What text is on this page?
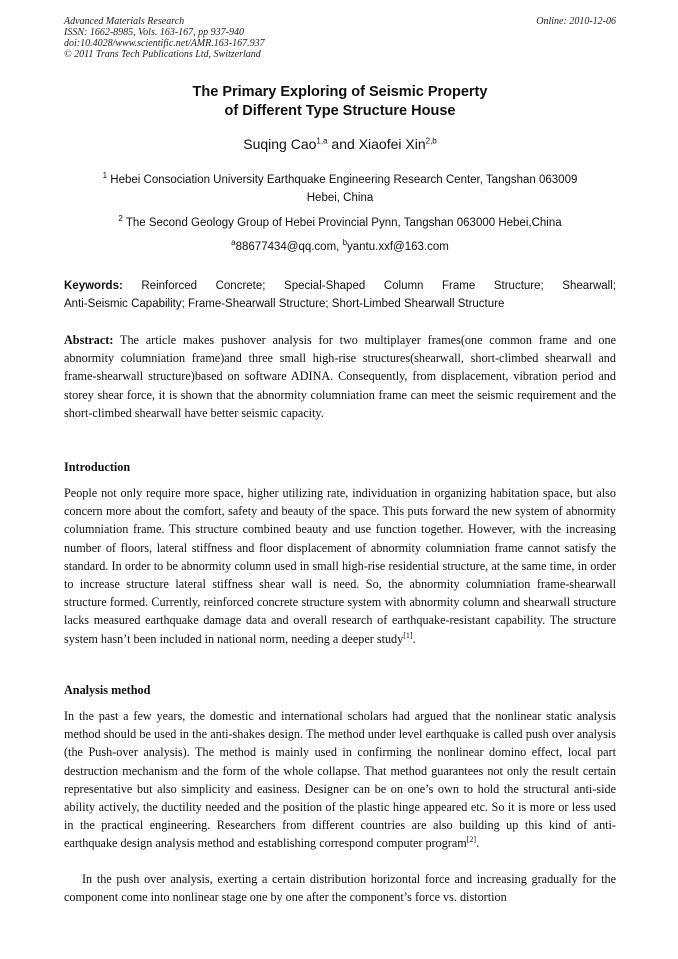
Advanced Materials Research
ISSN: 1662-8985, Vols. 163-167, pp 937-940
doi:10.4028/www.scientific.net/AMR.163-167.937
© 2011 Trans Tech Publications Ltd, Switzerland
Online: 2010-12-06
The Primary Exploring of Seismic Property
of Different Type Structure House
Suqing Cao$^{1,a}$ and Xiaofei Xin$^{2,b}$
$^1$ Hebei Consociation University Earthquake Engineering Research Center, Tangshan 063009
Hebei, China
$^2$ The Second Geology Group of Hebei Provincial Pynn, Tangshan 063000 Hebei,China
$^a$88677434@qq.com, $^b$yantu.xxf@163.com
Keywords: Reinforced Concrete; Special-Shaped Column Frame Structure; Shearwall;
Anti-Seismic Capability; Frame-Shearwall Structure; Short-Limbed Shearwall Structure
Abstract: The article makes pushover analysis for two multiplayer frames(one common frame and one abnormity columniation frame)and three small high-rise structures(shearwall, short-climbed shearwall and frame-shearwall structure)based on software ADINA. Consequently, from displacement, vibration period and storey shear force, it is shown that the abnormity columniation frame can meet the seismic requirement and the short-climbed shearwall have better seismic capacity.
Introduction
People not only require more space, higher utilizing rate, individuation in organizing habitation space, but also concern more about the comfort, safety and beauty of the space. This puts forward the new system of abnormity columniation frame. This structure combined beauty and use function together. However, with the increasing number of floors, lateral stiffness and floor displacement of abnormity columniation frame cannot satisfy the standard. In order to be abnormity column used in small high-rise residential structure, at the same time, in order to increase structure lateral stiffness shear wall is need. So, the abnormity columniation frame-shearwall structure formed. Currently, reinforced concrete structure system with abnormity column and shearwall structure lacks measured earthquake damage data and overall research of earthquake-resistant capability. The structure system hasn’t been included in national norm, needing a deeper study[1].
Analysis method
In the past a few years, the domestic and international scholars had argued that the nonlinear static analysis method should be used in the anti-shakes design. The method under level earthquake is called push over analysis (the Push-over analysis). The method is mainly used in confirming the nonlinear domino effect, local part destruction mechanism and the form of the whole collapse. That method guarantees not only the result certain representative but also simplicity and easiness. Designer can be on one’s own to hold the structural anti-side ability actively, the ductility needed and the position of the plastic hinge appeared etc. So it is more or less used in the practical engineering. Researchers from different countries are also building up this kind of anti-earthquake design analysis method and establishing correspond computer program[2].
In the push over analysis, exerting a certain distribution horizontal force and increasing gradually for the component come into nonlinear stage one by one after the component’s force vs. distortion
